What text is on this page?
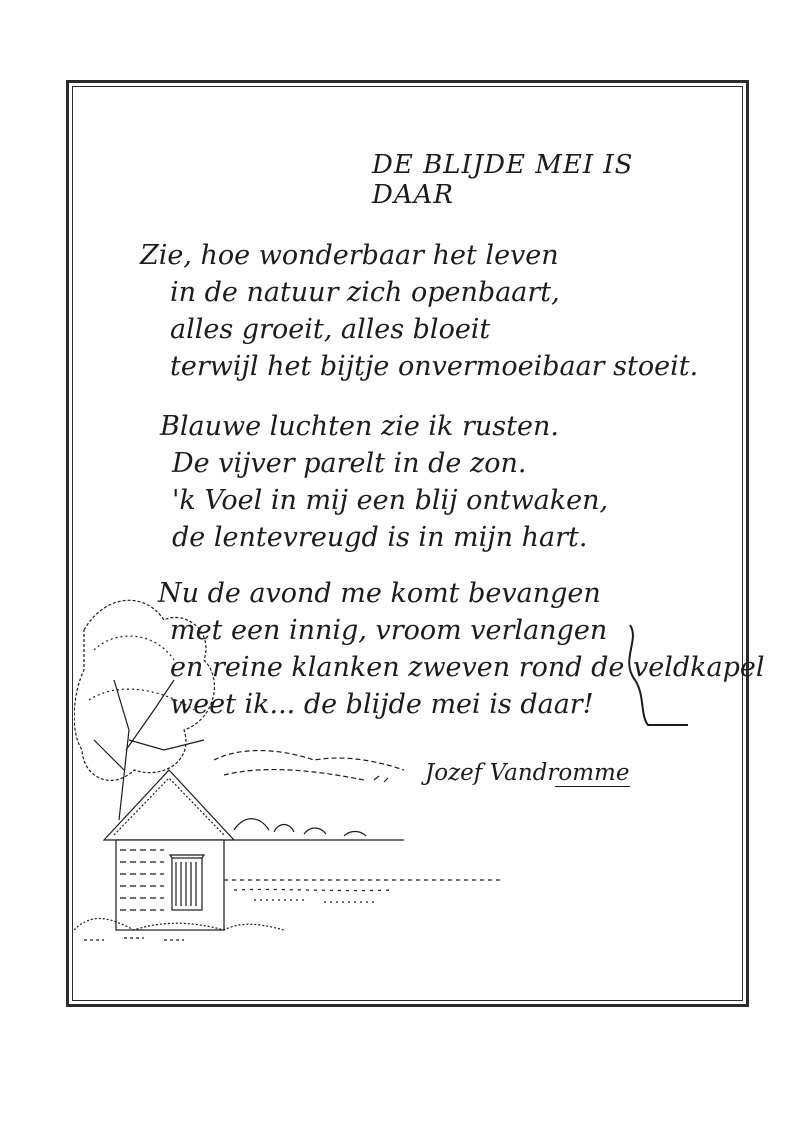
DE BLIJDE MEI IS DAAR
Zie, hoe wonderbaar het leven
in de natuur zich openbaart,
alles groeit, alles bloeit
terwijl het bijtje onvermoeibaar stoeit.
Blauwe luchten zie ik rusten.
De vijver parelt in de zon.
'k Voel in mij een blij ontwaken,
de lentevreugd is in mijn hart.
Nu de avond me komt bevangen
met een innig, vroom verlangen
en reine klanken zweven rond de veldkapel
weet ik... de blijde mei is daar!
Jozef Vandromme
